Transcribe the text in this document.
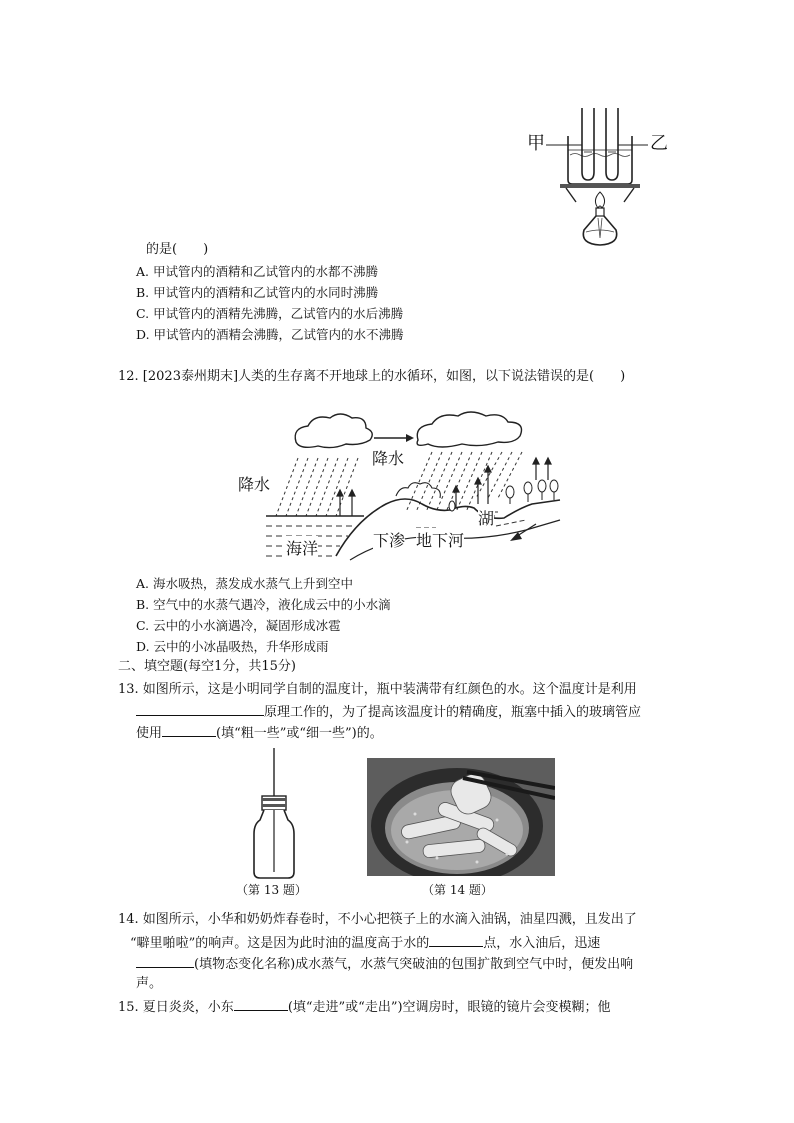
甲	乙
的是(　　)
A. 甲试管内的酒精和乙试管内的水都不沸腾
B. 甲试管内的酒精和乙试管内的水同时沸腾
C. 甲试管内的酒精先沸腾，乙试管内的水后沸腾
D. 甲试管内的酒精会沸腾，乙试管内的水不沸腾
12. [2023泰州期末]人类的生存离不开地球上的水循环，如图，以下说法错误的是(　　)
降水
降水
海洋	下渗 地下河
湖
A. 海水吸热，蒸发成水蒸气上升到空中
B. 空气中的水蒸气遇冷，液化成云中的小水滴
C. 云中的小水滴遇冷，凝固形成冰雹
D. 云中的小冰晶吸热，升华形成雨
二、填空题(每空1分，共15分)
13. 如图所示，这是小明同学自制的温度计，瓶中装满带有红颜色的水。这个温度计是利用
原理工作的，为了提高该温度计的精确度，瓶塞中插入的玻璃管应
使用	(填“粗一些”或“细一些”)的。
（第 13 题）	（第 14 题）
14. 如图所示，小华和奶奶炸春卷时，不小心把筷子上的水滴入油锅，油星四溅，且发出了
“噼里啪啦”的响声。这是因为此时油的温度高于水的	点，水入油后，迅速
(填物态变化名称)成水蒸气，水蒸气突破油的包围扩散到空气中时，便发出响
声。
15. 夏日炎炎，小东	(填“走进”或“走出”)空调房时，眼镜的镜片会变模糊；他
